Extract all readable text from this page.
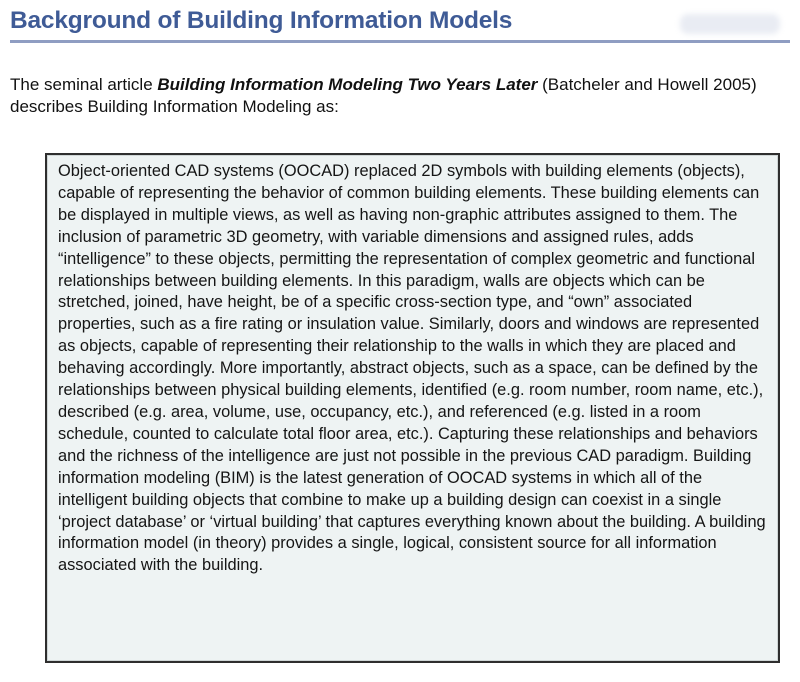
Background of Building Information Models

The seminal article Building Information Modeling Two Years Later (Batcheler and Howell 2005) describes Building Information Modeling as:

Object-oriented CAD systems (OOCAD) replaced 2D symbols with building elements (objects), capable of representing the behavior of common building elements. These building elements can be displayed in multiple views, as well as having non-graphic attributes assigned to them. The inclusion of parametric 3D geometry, with variable dimensions and assigned rules, adds “intelligence” to these objects, permitting the representation of complex geometric and functional relationships between building elements. In this paradigm, walls are objects which can be stretched, joined, have height, be of a specific cross-section type, and “own” associated properties, such as a fire rating or insulation value. Similarly, doors and windows are represented as objects, capable of representing their relationship to the walls in which they are placed and behaving accordingly. More importantly, abstract objects, such as a space, can be defined by the relationships between physical building elements, identified (e.g. room number, room name, etc.), described (e.g. area, volume, use, occupancy, etc.), and referenced (e.g. listed in a room schedule, counted to calculate total floor area, etc.). Capturing these relationships and behaviors and the richness of the intelligence are just not possible in the previous CAD paradigm. Building information modeling (BIM) is the latest generation of OOCAD systems in which all of the intelligent building objects that combine to make up a building design can coexist in a single ‘project database’ or ‘virtual building’ that captures everything known about the building. A building information model (in theory) provides a single, logical, consistent source for all information associated with the building.
